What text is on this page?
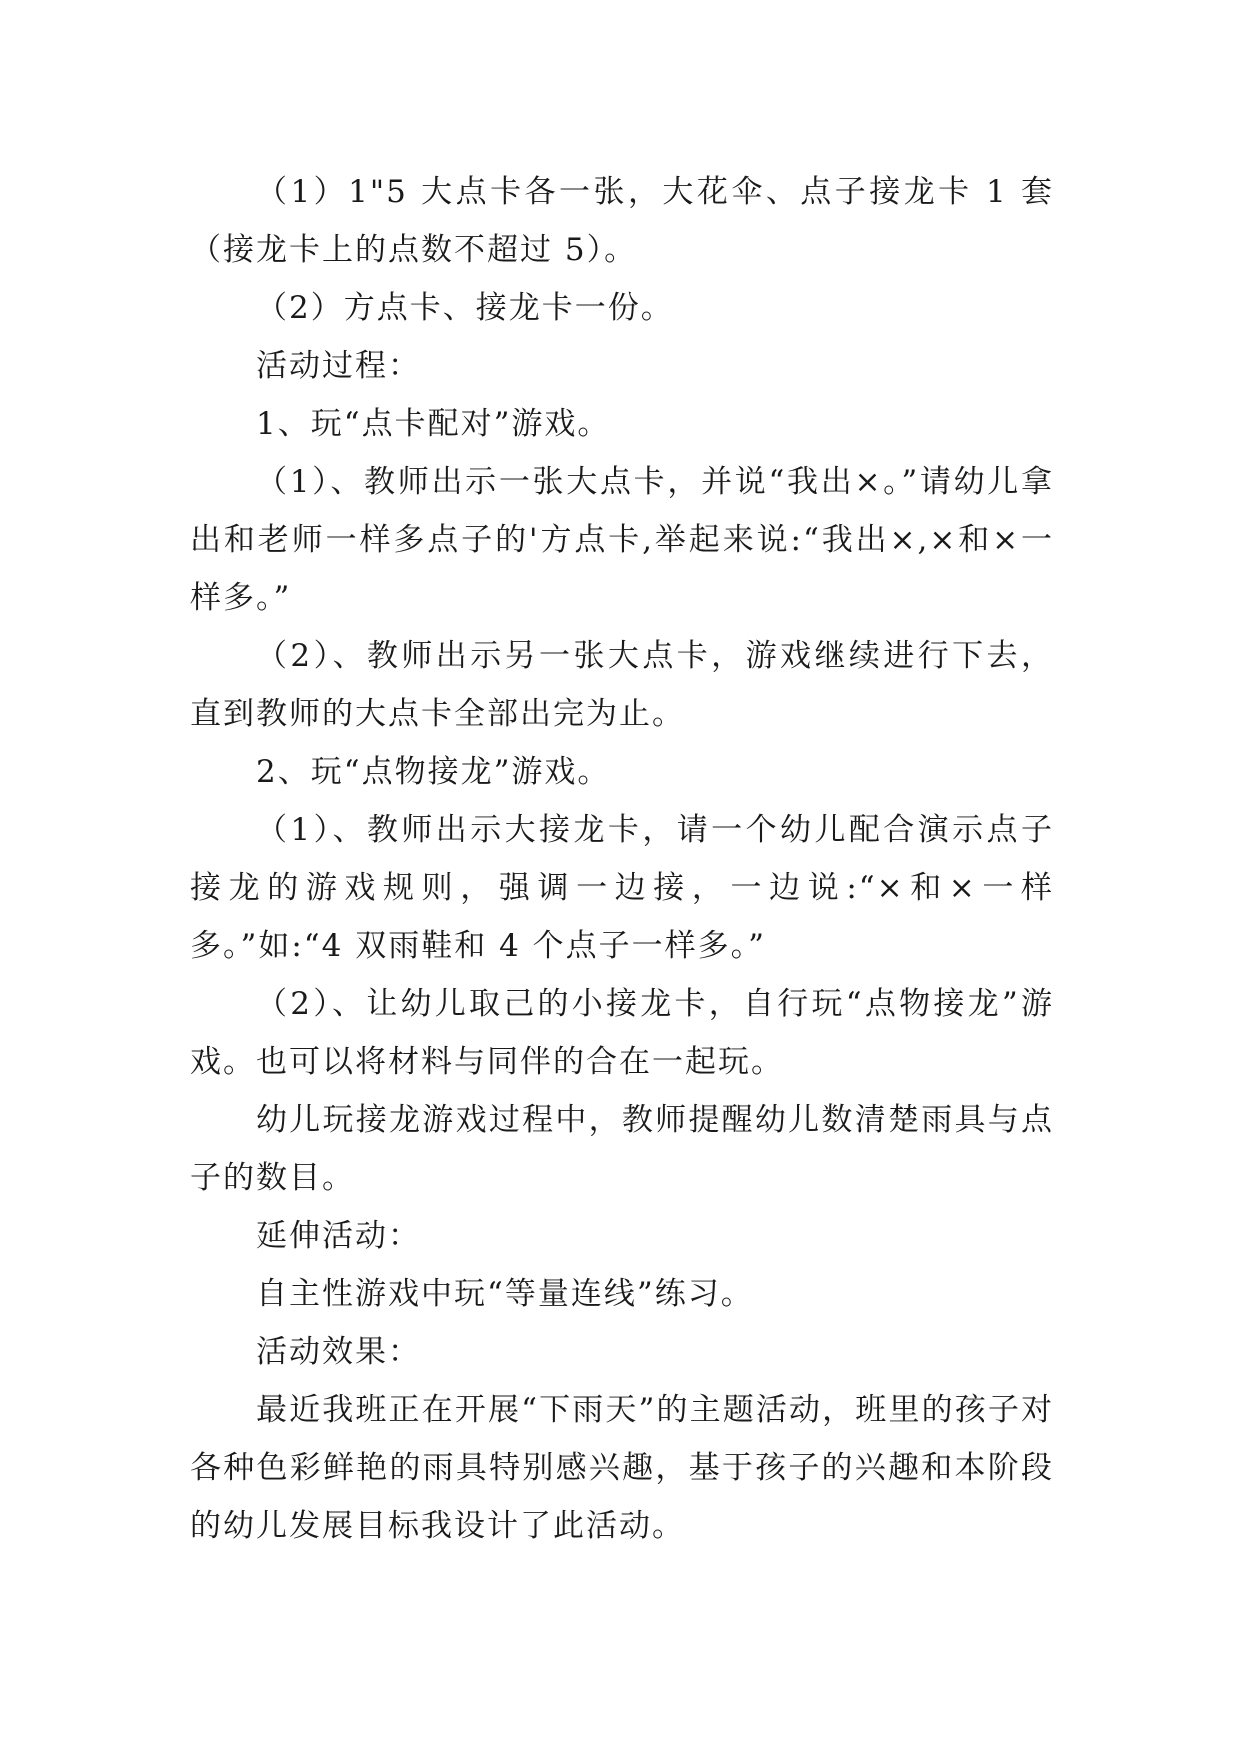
（1）1"5 大点卡各一张，大花伞、点子接龙卡 1 套（接龙卡上的点数不超过 5）。

（2）方点卡、接龙卡一份。

活动过程：

1、玩“点卡配对”游戏。

（1）、教师出示一张大点卡，并说“我出×。”请幼儿拿出和老师一样多点子的'方点卡,举起来说:“我出×,×和×一样多。”

（2）、教师出示另一张大点卡，游戏继续进行下去，直到教师的大点卡全部出完为止。

2、玩“点物接龙”游戏。

（1）、教师出示大接龙卡，请一个幼儿配合演示点子接龙的游戏规则，强调一边接，一边说:“×和×一样多。”如:“4 双雨鞋和 4 个点子一样多。”

（2）、让幼儿取己的小接龙卡，自行玩“点物接龙”游戏。也可以将材料与同伴的合在一起玩。

幼儿玩接龙游戏过程中，教师提醒幼儿数清楚雨具与点子的数目。

延伸活动：

自主性游戏中玩“等量连线”练习。

活动效果：

最近我班正在开展“下雨天”的主题活动，班里的孩子对各种色彩鲜艳的雨具特别感兴趣，基于孩子的兴趣和本阶段的幼儿发展目标我设计了此活动。
